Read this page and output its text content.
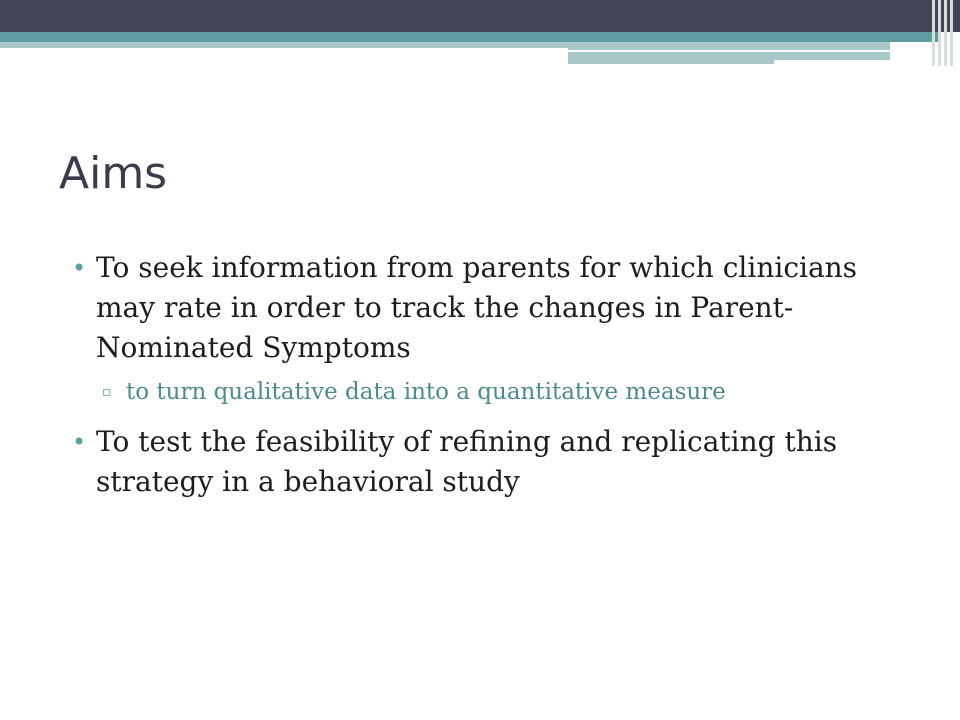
Aims
• To seek information from parents for which clinicians may rate in order to track the changes in Parent-Nominated Symptoms
▫ to turn qualitative data into a quantitative measure
• To test the feasibility of refining and replicating this strategy in a behavioral study
